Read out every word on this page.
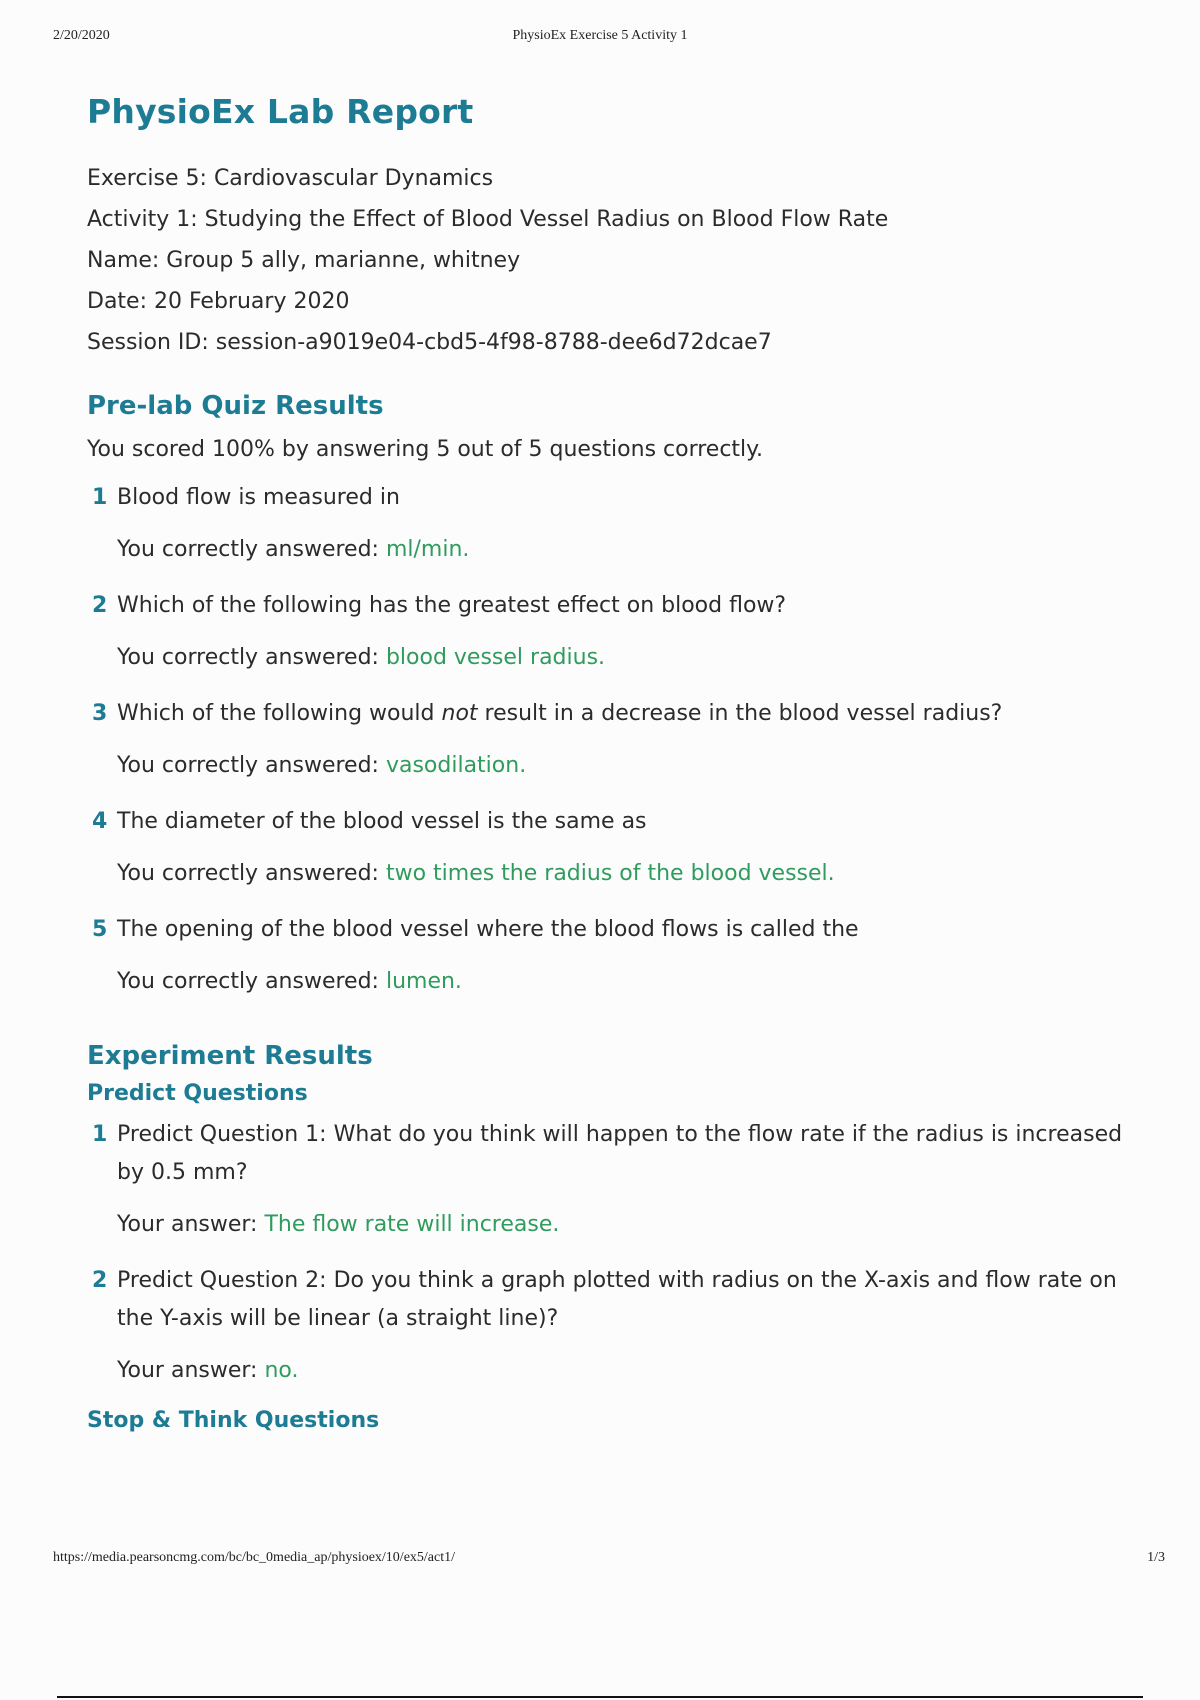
2/20/2020	PhysioEx Exercise 5 Activity 1
PhysioEx Lab Report
Exercise 5: Cardiovascular Dynamics
Activity 1: Studying the Effect of Blood Vessel Radius on Blood Flow Rate
Name: Group 5 ally, marianne, whitney
Date: 20 February 2020
Session ID: session-a9019e04-cbd5-4f98-8788-dee6d72dcae7
Pre-lab Quiz Results
You scored 100% by answering 5 out of 5 questions correctly.
1 Blood flow is measured in
You correctly answered: ml/min.
2 Which of the following has the greatest effect on blood flow?
You correctly answered: blood vessel radius.
3 Which of the following would not result in a decrease in the blood vessel radius?
You correctly answered: vasodilation.
4 The diameter of the blood vessel is the same as
You correctly answered: two times the radius of the blood vessel.
5 The opening of the blood vessel where the blood flows is called the
You correctly answered: lumen.
Experiment Results
Predict Questions
1 Predict Question 1: What do you think will happen to the flow rate if the radius is increased by 0.5 mm?
Your answer: The flow rate will increase.
2 Predict Question 2: Do you think a graph plotted with radius on the X-axis and flow rate on the Y-axis will be linear (a straight line)?
Your answer: no.
Stop & Think Questions
https://media.pearsoncmg.com/bc/bc_0media_ap/physioex/10/ex5/act1/	1/3
